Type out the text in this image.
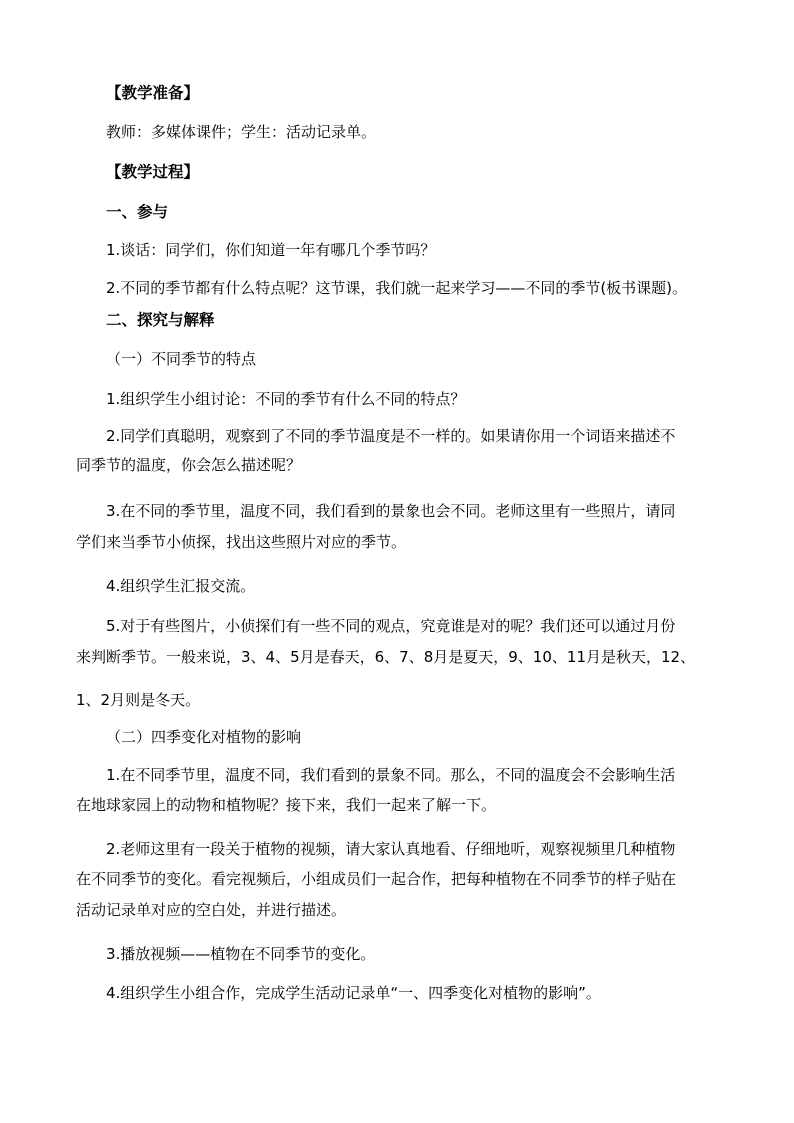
【教学准备】
教师：多媒体课件；学生：活动记录单。
【教学过程】
一、参与
1.谈话：同学们，你们知道一年有哪几个季节吗？
2.不同的季节都有什么特点呢？这节课，我们就一起来学习——不同的季节(板书课题)。
二、探究与解释
（一）不同季节的特点
1.组织学生小组讨论：不同的季节有什么不同的特点？
2.同学们真聪明，观察到了不同的季节温度是不一样的。如果请你用一个词语来描述不
同季节的温度，你会怎么描述呢？
3.在不同的季节里，温度不同，我们看到的景象也会不同。老师这里有一些照片，请同
学们来当季节小侦探，找出这些照片对应的季节。
4.组织学生汇报交流。
5.对于有些图片，小侦探们有一些不同的观点，究竟谁是对的呢？我们还可以通过月份
来判断季节。一般来说，3、4、5月是春天，6、7、8月是夏天，9、10、11月是秋天，12、
1、2月则是冬天。
（二）四季变化对植物的影响
1.在不同季节里，温度不同，我们看到的景象不同。那么，不同的温度会不会影响生活
在地球家园上的动物和植物呢？接下来，我们一起来了解一下。
2.老师这里有一段关于植物的视频，请大家认真地看、仔细地听，观察视频里几种植物
在不同季节的变化。看完视频后，小组成员们一起合作，把每种植物在不同季节的样子贴在
活动记录单对应的空白处，并进行描述。
3.播放视频——植物在不同季节的变化。
4.组织学生小组合作，完成学生活动记录单“一、四季变化对植物的影响”。
